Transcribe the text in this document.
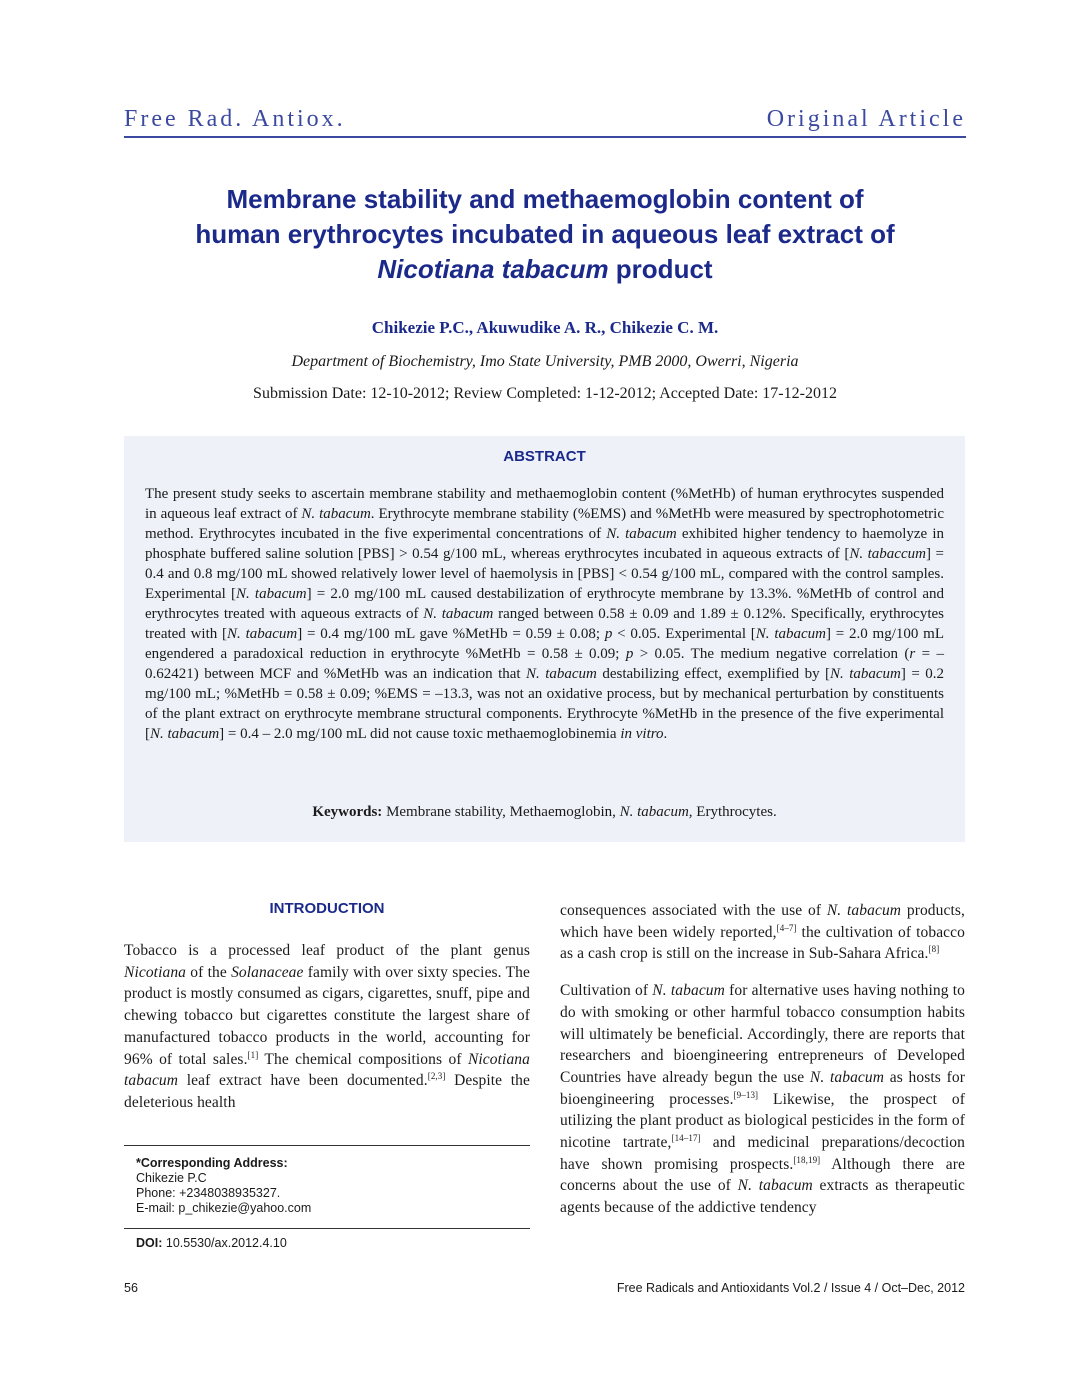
Free Rad. Antiox.	Original Article
Membrane stability and methaemoglobin content of
human erythrocytes incubated in aqueous leaf extract of
Nicotiana tabacum product
Chikezie P.C., Akuwudike A. R., Chikezie C. M.
Department of Biochemistry, Imo State University, PMB 2000, Owerri, Nigeria
Submission Date: 12-10-2012; Review Completed: 1-12-2012; Accepted Date: 17-12-2012
ABSTRACT
The present study seeks to ascertain membrane stability and methaemoglobin content (%MetHb) of human erythrocytes suspended in aqueous leaf extract of N. tabacum. Erythrocyte membrane stability (%EMS) and %MetHb were measured by spectrophotometric method. Erythrocytes incubated in the five experimental concentrations of N. tabacum exhibited higher tendency to haemolyze in phosphate buffered saline solution [PBS] > 0.54 g/100 mL, whereas erythrocytes incubated in aqueous extracts of [N. tabaccum] = 0.4 and 0.8 mg/100 mL showed relatively lower level of haemolysis in [PBS] < 0.54 g/100 mL, compared with the control samples. Experimental [N. tabacum] = 2.0 mg/100 mL caused destabilization of erythrocyte membrane by 13.3%. %MetHb of control and erythrocytes treated with aqueous extracts of N. tabacum ranged between 0.58 ± 0.09 and 1.89 ± 0.12%. Specifically, erythrocytes treated with [N. tabacum] = 0.4 mg/100 mL gave %MetHb = 0.59 ± 0.08; p < 0.05. Experimental [N. tabacum] = 2.0 mg/100 mL engendered a paradoxical reduction in erythrocyte %MetHb = 0.58 ± 0.09; p > 0.05. The medium negative correlation (r = –0.62421) between MCF and %MetHb was an indication that N. tabacum destabilizing effect, exemplified by [N. tabacum] = 0.2 mg/100 mL; %MetHb = 0.58 ± 0.09; %EMS = –13.3, was not an oxidative process, but by mechanical perturbation by constituents of the plant extract on erythrocyte membrane structural components. Erythrocyte %MetHb in the presence of the five experimental [N. tabacum] = 0.4 – 2.0 mg/100 mL did not cause toxic methaemoglobinemia in vitro.
Keywords: Membrane stability, Methaemoglobin, N. tabacum, Erythrocytes.
INTRODUCTION

Tobacco is a processed leaf product of the plant genus Nicotiana of the Solanaceae family with over sixty species. The product is mostly consumed as cigars, cigarettes, snuff, pipe and chewing tobacco but cigarettes constitute the largest share of manufactured tobacco products in the world, accounting for 96% of total sales.[1] The chemical compositions of Nicotiana tabacum leaf extract have been documented.[2,3] Despite the deleterious health

*Corresponding Address:
Chikezie P.C
Phone: +2348038935327.
E-mail: p_chikezie@yahoo.com
DOI: 10.5530/ax.2012.4.10

consequences associated with the use of N. tabacum products, which have been widely reported,[4–7] the cultivation of tobacco as a cash crop is still on the increase in Sub-Sahara Africa.[8]

Cultivation of N. tabacum for alternative uses having nothing to do with smoking or other harmful tobacco consumption habits will ultimately be beneficial. Accordingly, there are reports that researchers and bioengineering entrepreneurs of Developed Countries have already begun the use N. tabacum as hosts for bioengineering processes.[9–13] Likewise, the prospect of utilizing the plant product as biological pesticides in the form of nicotine tartrate,[14–17] and medicinal preparations/decoction have shown promising prospects.[18,19] Although there are concerns about the use of N. tabacum extracts as therapeutic agents because of the addictive tendency

56	Free Radicals and Antioxidants Vol.2 / Issue 4 / Oct–Dec, 2012
